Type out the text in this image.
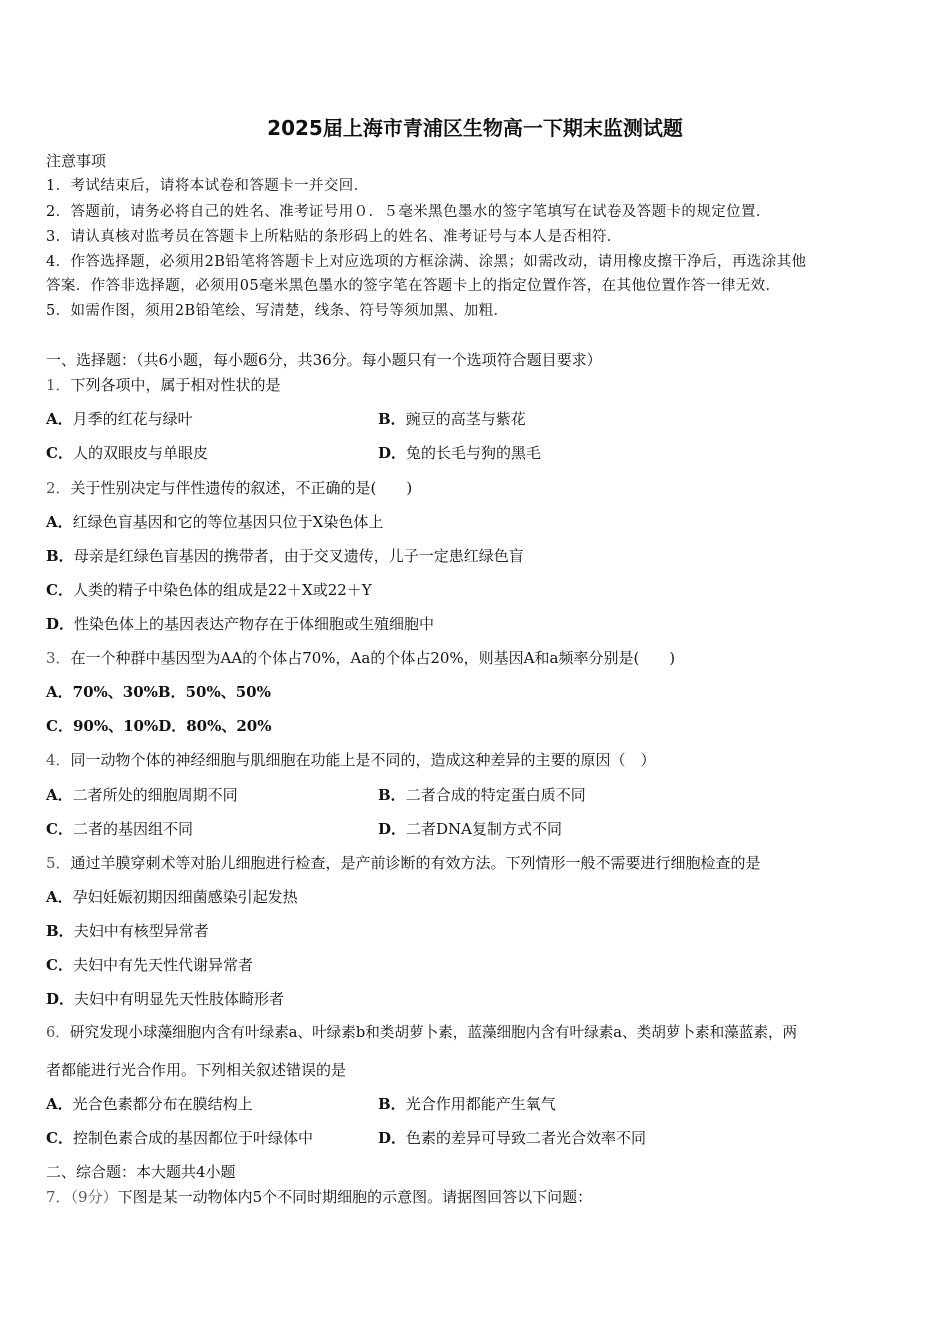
2025届上海市青浦区生物高一下期末监测试题
注意事项
1．考试结束后，请将本试卷和答题卡一并交回．
2．答题前，请务必将自己的姓名、准考证号用０．５毫米黑色墨水的签字笔填写在试卷及答题卡的规定位置．
3．请认真核对监考员在答题卡上所粘贴的条形码上的姓名、准考证号与本人是否相符．
4．作答选择题，必须用2B铅笔将答题卡上对应选项的方框涂满、涂黑；如需改动，请用橡皮擦干净后，再选涂其他
答案．作答非选择题，必须用05毫米黑色墨水的签字笔在答题卡上的指定位置作答，在其他位置作答一律无效．
5．如需作图，须用2B铅笔绘、写清楚，线条、符号等须加黑、加粗．
一、选择题：（共6小题，每小题6分，共36分。每小题只有一个选项符合题目要求）
1．下列各项中，属于相对性状的是
A．月季的红花与绿叶	B．豌豆的高茎与紫花
C．人的双眼皮与单眼皮	D．兔的长毛与狗的黑毛
2．关于性别决定与伴性遗传的叙述，不正确的是(　　)
A．红绿色盲基因和它的等位基因只位于X染色体上
B．母亲是红绿色盲基因的携带者，由于交叉遗传，儿子一定患红绿色盲
C．人类的精子中染色体的组成是22＋X或22＋Y
D．性染色体上的基因表达产物存在于体细胞或生殖细胞中
3．在一个种群中基因型为AA的个体占70%，Aa的个体占20%，则基因A和a频率分别是(　　)
A．70%、30%B．50%、50%
C．90%、10%D．80%、20%
4．同一动物个体的神经细胞与肌细胞在功能上是不同的，造成这种差异的主要的原因（　）
A．二者所处的细胞周期不同	B．二者合成的特定蛋白质不同
C．二者的基因组不同	D．二者DNA复制方式不同
5．通过羊膜穿刺术等对胎儿细胞进行检查，是产前诊断的有效方法。下列情形一般不需要进行细胞检查的是
A．孕妇妊娠初期因细菌感染引起发热
B．夫妇中有核型异常者
C．夫妇中有先天性代谢异常者
D．夫妇中有明显先天性肢体畸形者
6．研究发现小球藻细胞内含有叶绿素a、叶绿素b和类胡萝卜素，蓝藻细胞内含有叶绿素a、类胡萝卜素和藻蓝素，两
者都能进行光合作用。下列相关叙述错误的是
A．光合色素都分布在膜结构上	B．光合作用都能产生氧气
C．控制色素合成的基因都位于叶绿体中	D．色素的差异可导致二者光合效率不同
二、综合题：本大题共4小题
7．（9分）下图是某一动物体内5个不同时期细胞的示意图。请据图回答以下问题：
